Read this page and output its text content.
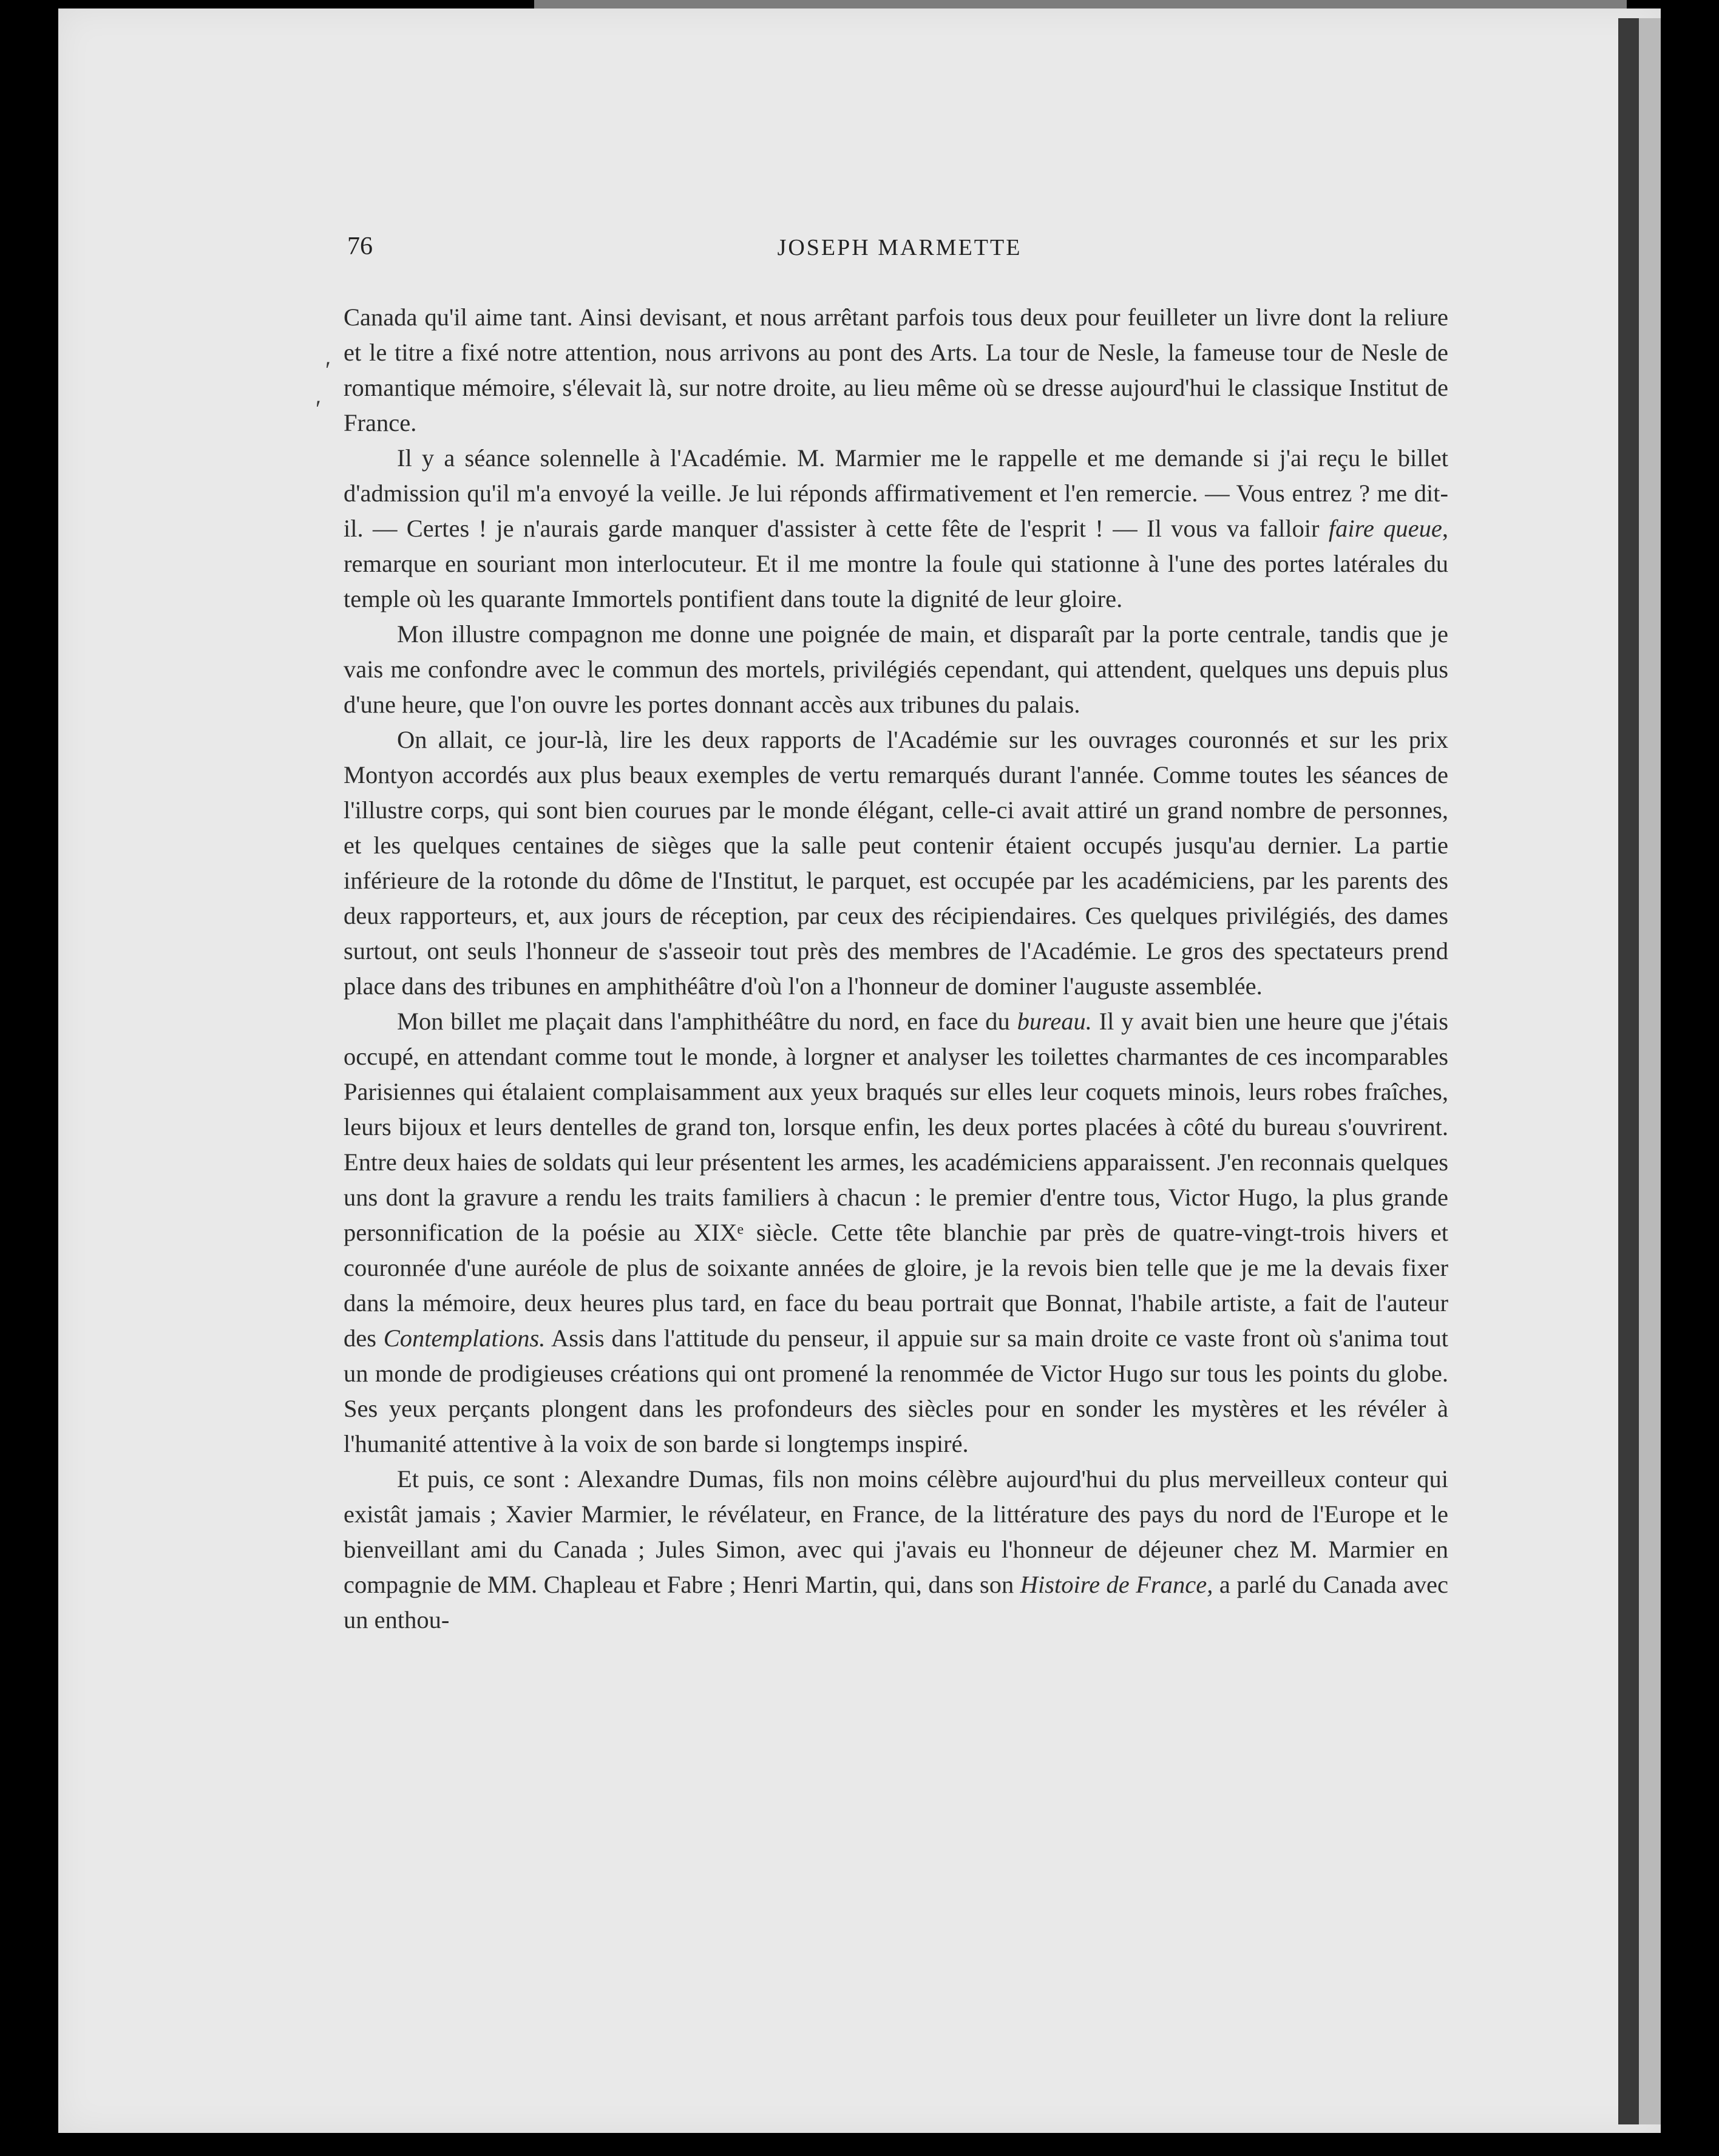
ʹ
ʹ
76	JOSEPH MARMETTE

Canada qu'il aime tant. Ainsi devisant, et nous arrêtant parfois tous deux pour feuilleter un livre dont la reliure et le titre a fixé notre attention, nous arrivons au pont des Arts. La tour de Nesle, la fameuse tour de Nesle de romantique mémoire, s'élevait là, sur notre droite, au lieu même où se dresse aujourd'hui le classique Institut de France.

Il y a séance solennelle à l'Académie. M. Marmier me le rappelle et me demande si j'ai reçu le billet d'admission qu'il m'a envoyé la veille. Je lui réponds affirmativement et l'en remercie. — Vous entrez ? me dit-il. — Certes ! je n'aurais garde manquer d'assister à cette fête de l'esprit ! — Il vous va falloir faire queue, remarque en souriant mon interlocuteur. Et il me montre la foule qui stationne à l'une des portes latérales du temple où les quarante Immortels pontifient dans toute la dignité de leur gloire.

Mon illustre compagnon me donne une poignée de main, et disparaît par la porte centrale, tandis que je vais me confondre avec le commun des mortels, privilégiés cependant, qui attendent, quelques uns depuis plus d'une heure, que l'on ouvre les portes donnant accès aux tribunes du palais.

On allait, ce jour-là, lire les deux rapports de l'Académie sur les ouvrages couronnés et sur les prix Montyon accordés aux plus beaux exemples de vertu remarqués durant l'année. Comme toutes les séances de l'illustre corps, qui sont bien courues par le monde élégant, celle-ci avait attiré un grand nombre de personnes, et les quelques centaines de sièges que la salle peut contenir étaient occupés jusqu'au dernier. La partie inférieure de la rotonde du dôme de l'Institut, le parquet, est occupée par les académiciens, par les parents des deux rapporteurs, et, aux jours de réception, par ceux des récipiendaires. Ces quelques privilégiés, des dames surtout, ont seuls l'honneur de s'asseoir tout près des membres de l'Académie. Le gros des spectateurs prend place dans des tribunes en amphithéâtre d'où l'on a l'honneur de dominer l'auguste assemblée.

Mon billet me plaçait dans l'amphithéâtre du nord, en face du bureau. Il y avait bien une heure que j'étais occupé, en attendant comme tout le monde, à lorgner et analyser les toilettes charmantes de ces incomparables Parisiennes qui étalaient complaisamment aux yeux braqués sur elles leur coquets minois, leurs robes fraîches, leurs bijoux et leurs dentelles de grand ton, lorsque enfin, les deux portes placées à côté du bureau s'ouvrirent. Entre deux haies de soldats qui leur présentent les armes, les académiciens apparaissent. J'en reconnais quelques uns dont la gravure a rendu les traits familiers à chacun : le premier d'entre tous, Victor Hugo, la plus grande personnification de la poésie au XIXᵉ siècle. Cette tête blanchie par près de quatre-vingt-trois hivers et couronnée d'une auréole de plus de soixante années de gloire, je la revois bien telle que je me la devais fixer dans la mémoire, deux heures plus tard, en face du beau portrait que Bonnat, l'habile artiste, a fait de l'auteur des Contemplations. Assis dans l'attitude du penseur, il appuie sur sa main droite ce vaste front où s'anima tout un monde de prodigieuses créations qui ont promené la renommée de Victor Hugo sur tous les points du globe. Ses yeux perçants plongent dans les profondeurs des siècles pour en sonder les mystères et les révéler à l'humanité attentive à la voix de son barde si longtemps inspiré.

Et puis, ce sont : Alexandre Dumas, fils non moins célèbre aujourd'hui du plus merveilleux conteur qui existât jamais ; Xavier Marmier, le révélateur, en France, de la littérature des pays du nord de l'Europe et le bienveillant ami du Canada ; Jules Simon, avec qui j'avais eu l'honneur de déjeuner chez M. Marmier en compagnie de MM. Chapleau et Fabre ; Henri Martin, qui, dans son Histoire de France, a parlé du Canada avec un enthou-
